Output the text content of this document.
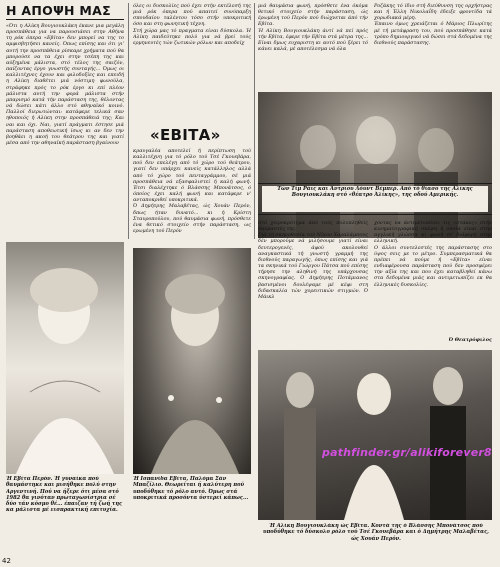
Η ΑΠΟΨΗ ΜΑΣ
«Ότι η Αλίκη Βουγιουκλάκη έκανε μια μεγάλη προσπάθεια για να παρουσιάσει στην Αθήνα τη ρόκ όπερα «Εβίτα» δεν μπορεί να της το αμφισβητήσει κανείς. Όπως επίσης και ότι γι' αυτή την προσπάθεια ρίσκαρε χρήματα πού θα μπορούσε να τα έχει στην τσέπη της και αύξημένα μάλιστα, στό τέλος της σαιζόν, παίζοντας έργο γνωστής συνταγής... Όμως οι καλλιτέχνες έχουν και φιλοδοξίες και επειδή η Αλίκη διαθέτει μιά νόστιμη φωνούλα, στράφηκε πρός το ρόκ έργο κι επί πλέον μάλιστα αυτή την φορά μάλιστα στήν μπαρισμό κατά τήν παράσταση της, θέλοντας νά δώσει κάτι άλλο στό αθηναϊκό κοινό. Παλλοί διερωτώνται: κατάφερε τελικά σαν ηθοποιός ή Αλίκη στην προσπάθειά της; Και ναι και όχι. Ναι, γιατί πράγματι έστησε μιά παράσταση αποθεωτική ίσως κι αν δεν την βοηθάει η ακοή του θεάτρου της και γιατί μέσα από την αθηναϊκή παράσταση βγαίνουν
όλες οι δυσκολίες πού έχει στήν εκτέλεσή της μιά ρόκ όπερα πού απαιτεί συνύπαρξη σπουδαίου ταλέντου τόσο στήν υποκριτική όσο και στη φωνητική τέχνη.
Στή χώρα μας τό πραγματα είναι δύσκολα. Ή Αλίκη παιδεύτηκε πολύ για νά βρεί τούς ερμηνευτές τών ζωτικών ρόλων και αποδείχ
«ΕΒΙΤΑ»
κραυγαλέα αποτελεί ή περίπτωση τού καλλιτέχνη για τό ρόλο τού Τσέ Γκουεβάρα, πού δεν επελέγη από τό χώρο τού θεάτρου, γιατί δεν υπάρχει κανείς κατάλληλος αλλά από τό χώρο τού πενταγράμμου, σέ μιά προσπάθεια νά εξασφαλιστεί ή καλή φωνή. Έτσι διαλέχτηκε ό Βλάσσης Μπονάτσος, ό όποίος έχει καλή φωνή και κατάφερε ν' ανταποκριθεί υποκριτικά.
Ό Δημήτρης Μαλαβέτας, ώς Χουάν Περόν, δπως ήταν δυνατό... κι ή Κρίστη Σταυροπούλου, πού θαυμάσια φωνή, πρόσθετε ένα θετικό στοιχείο στήν παράσταση, ως ερωμένη τού Περόν
μιά θαυμάσια φωνή, πρόσθετε ένα όκόμα θετικό στοιχείο στήν παράσταση, ώς έρωμένη τού Περόν πού διώχνεται άπό τήν Εβίτα.
Ή Αλίκη Βουγιουκλάκη άντί νά πεί πρός τήν Εβίτα, έφερε τήν Εβίτα στά μέτρα της... Είναι δμως ευχαριστη κι αυτό πού ξέρει τό κάνει καλά, μέ αποτέλεσμα νά όλα
Ροζάκης τό ίδιο στή διεύθυνση της ορχήστρας και ή Έλλη Νικολαΐδη έδειξε φροντίδα τά χορωδιακά μέρη.
Έπαινο όμως χρειάζεται ό Μάριος Πλωρίτης μέ τή μετάφραση του, πού προσπάθησε κατά τρόπο δημιουργικό νά δώσει στά δεδομένα της διεθνούς παράστασης.
Τών Τίμ Ράις και Άντριου Λόυντ Βέμπερ. Από τό θίασο της Αλίκης Βουγιουκλάκη στό «θέατρο Άλίκης», της οδού Αμερικής.
στό χειροκρότημα άπό τούς πολυπληθείς θαυμαστές της.
Γιά τή σκηνοθεσία τού Νίκου Χαραλάμπους δέν μπορούμε νά μιλήσουμε γιατί είναι δευτερογενές, άφού ακολουθεί αναγκαστικά τή γνωστή γραμμή της διεθνούς παραγωγής, όπως επίσης και γιά τα σκηνικά τού Γιώργου Πάτσα πού επίσης τήρησε την αληθινή της υπάρχουσας σκηνογραφίας. Ο Δημήτρης Ποτάμιανος βασισμένοι δουλέψαμε μέ κέφι στη διδασκαλία τών χορευτικών στιγμών. Ό Μάικλ
χοντας να άντιμετωπίσει τις «στάκες» στήν κινηματογραφική σκέψη ή οποία είναι στην αγγλική γλώσσα κι φωνή σέ διάφορη στην ελληνική.
Ο άλλοι συντελεστές της παράστασης στο ύψος σεις με το μέτρο. Συμπερασματικά θα πρέπει νά πούμε ή «Εβίτα» είναι ενδιαφέρουσα παράσταση πού δεν προσφέρει την αξία της και που έχει καταβληθεί κάνω στα δεδομένα μιάς και αντιμετωπίζει εκ θα έλληνικές δυσκολίες.
Ό Θεατρόφιλος
Ή Εβίτα Περόν. Ή γυναίκα πού θαυμάστηκε και μισήθηκε πολύ στην Αργεντινή. Πού να ήξερε ότι μέσα στό 1982 θα γινόταν πρωταγωνίστρια σέ δύο τάν κόσμο θέ... έπαιζαν τή ζωή της κα μάλιστα μέ εισπρακτική επιτυχία.
Ή Ισπανίδα Εβίτα, Παλόμα Σάν Μπαζίλιο. Θεωρείται ή καλύτερη πού υποδύθηκε τό ρόλο αυτό. Όμως στά υποκριτικά προσόντα ύστερεί κάπως...
Ή Αλίκη Βουγιουκλάκη ώς Εβίτα. Κοντά της ό Βλάσσης Μπονάτσος πού υποδύθηκε τό δύσκολο ρόλο τού Τσέ Γκουεβάρα και ό Δημήτρης Μαλαβέτας, ώς Χουάν Περόν.
pathfinder.gr/alikiforever8
42
